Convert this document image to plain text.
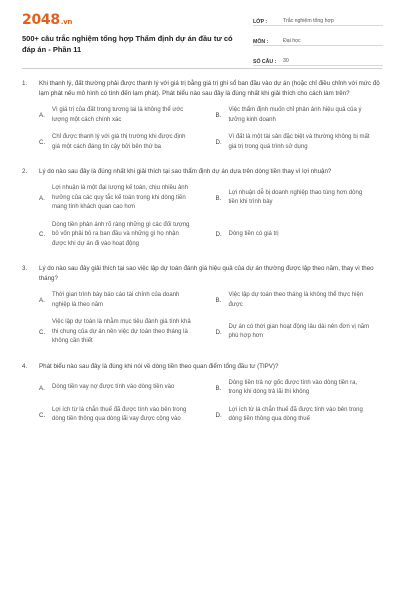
2048.vn
500+ câu trắc nghiệm tổng hợp Thẩm định dự án đầu tư có đáp án - Phần 11
LỚP :	Trắc nghiệm tổng hợp
MÔN :	Đại học
SỐ CÂU :	30
1.	Khi thanh lý, đất thường phải được thanh lý với giá trị bằng giá trị ghi sổ ban đầu vào dự án (hoặc chỉ điều chỉnh với mức độ lạm phát nếu mô hình có tính đến lạm phát). Phát biểu nào sau đây là đúng nhất khi giải thích cho cách làm trên?
A.
Vì giá trị của đất trong tương lai là không thể ước lượng một cách chính xác
B.
Việc thẩm định muốn chỉ phản ảnh hiệu quả của ý tưởng kinh doanh
C.
Chỉ được thanh lý với giá thị trường khi được định giá một cách đáng tin cậy bởi bên thứ ba
D.
Vì đất là một tài sản đặc biệt và thường không bị mất giá trị trong quá trình sử dụng
2.	Lý do nào sau đây là đúng nhất khi giải thích tại sao thẩm định dự án dựa trên dòng tiền thay vì lợi nhuận?
A.
Lợi nhuận là một đại lượng kế toán, chịu nhiều ảnh hưởng của các quy tắc kế toán trong khi dòng tiền mang tính khách quan cao hơn
B.
Lợi nhuận dễ bị doanh nghiệp thao túng hơn dòng tiền khi trình bày
C.
Dòng tiền phản ánh rõ ràng những gì các đối tượng bỏ vốn phải bỏ ra ban đầu và những gì họ nhận được khi dự án đi vào hoạt động
D.	Dòng tiền có giá trị
3.	Lý do nào sau đây giải thích tại sao việc lập dự toán đánh giá hiệu quả của dự án thường được lập theo năm, thay vì theo tháng?
A.
Thời gian trình bày báo cáo tài chính của doanh nghiệp là theo năm
B.
Việc lập dự toán theo tháng là không thể thực hiện được
C.
Việc lập dự toán là nhằm mục tiêu đánh giá tính khả thi chung của dự án nên việc dự toán theo tháng là không cần thiết
D.
Dự án có thời gian hoạt động lâu dài nên đơn vị năm phù hợp hơn
4.	Phát biểu nào sau đây là đúng khi nói về dòng tiền theo quan điểm tổng đầu tư (TIPV)?
A.	Dòng tiền vay nợ được tính vào dòng tiền vào	B.
Dòng tiền trả nợ gốc được tính vào dòng tiền ra, trong khi dòng trả lãi thì không
C.
Lợi ích từ lá chắn thuế đã được tính vào bên trong dòng tiền thông qua dòng lãi vay được cộng vào
D.
Lợi ích từ lá chắn thuế đã được tính vào bên trong dòng tiền thông qua dòng thuế
